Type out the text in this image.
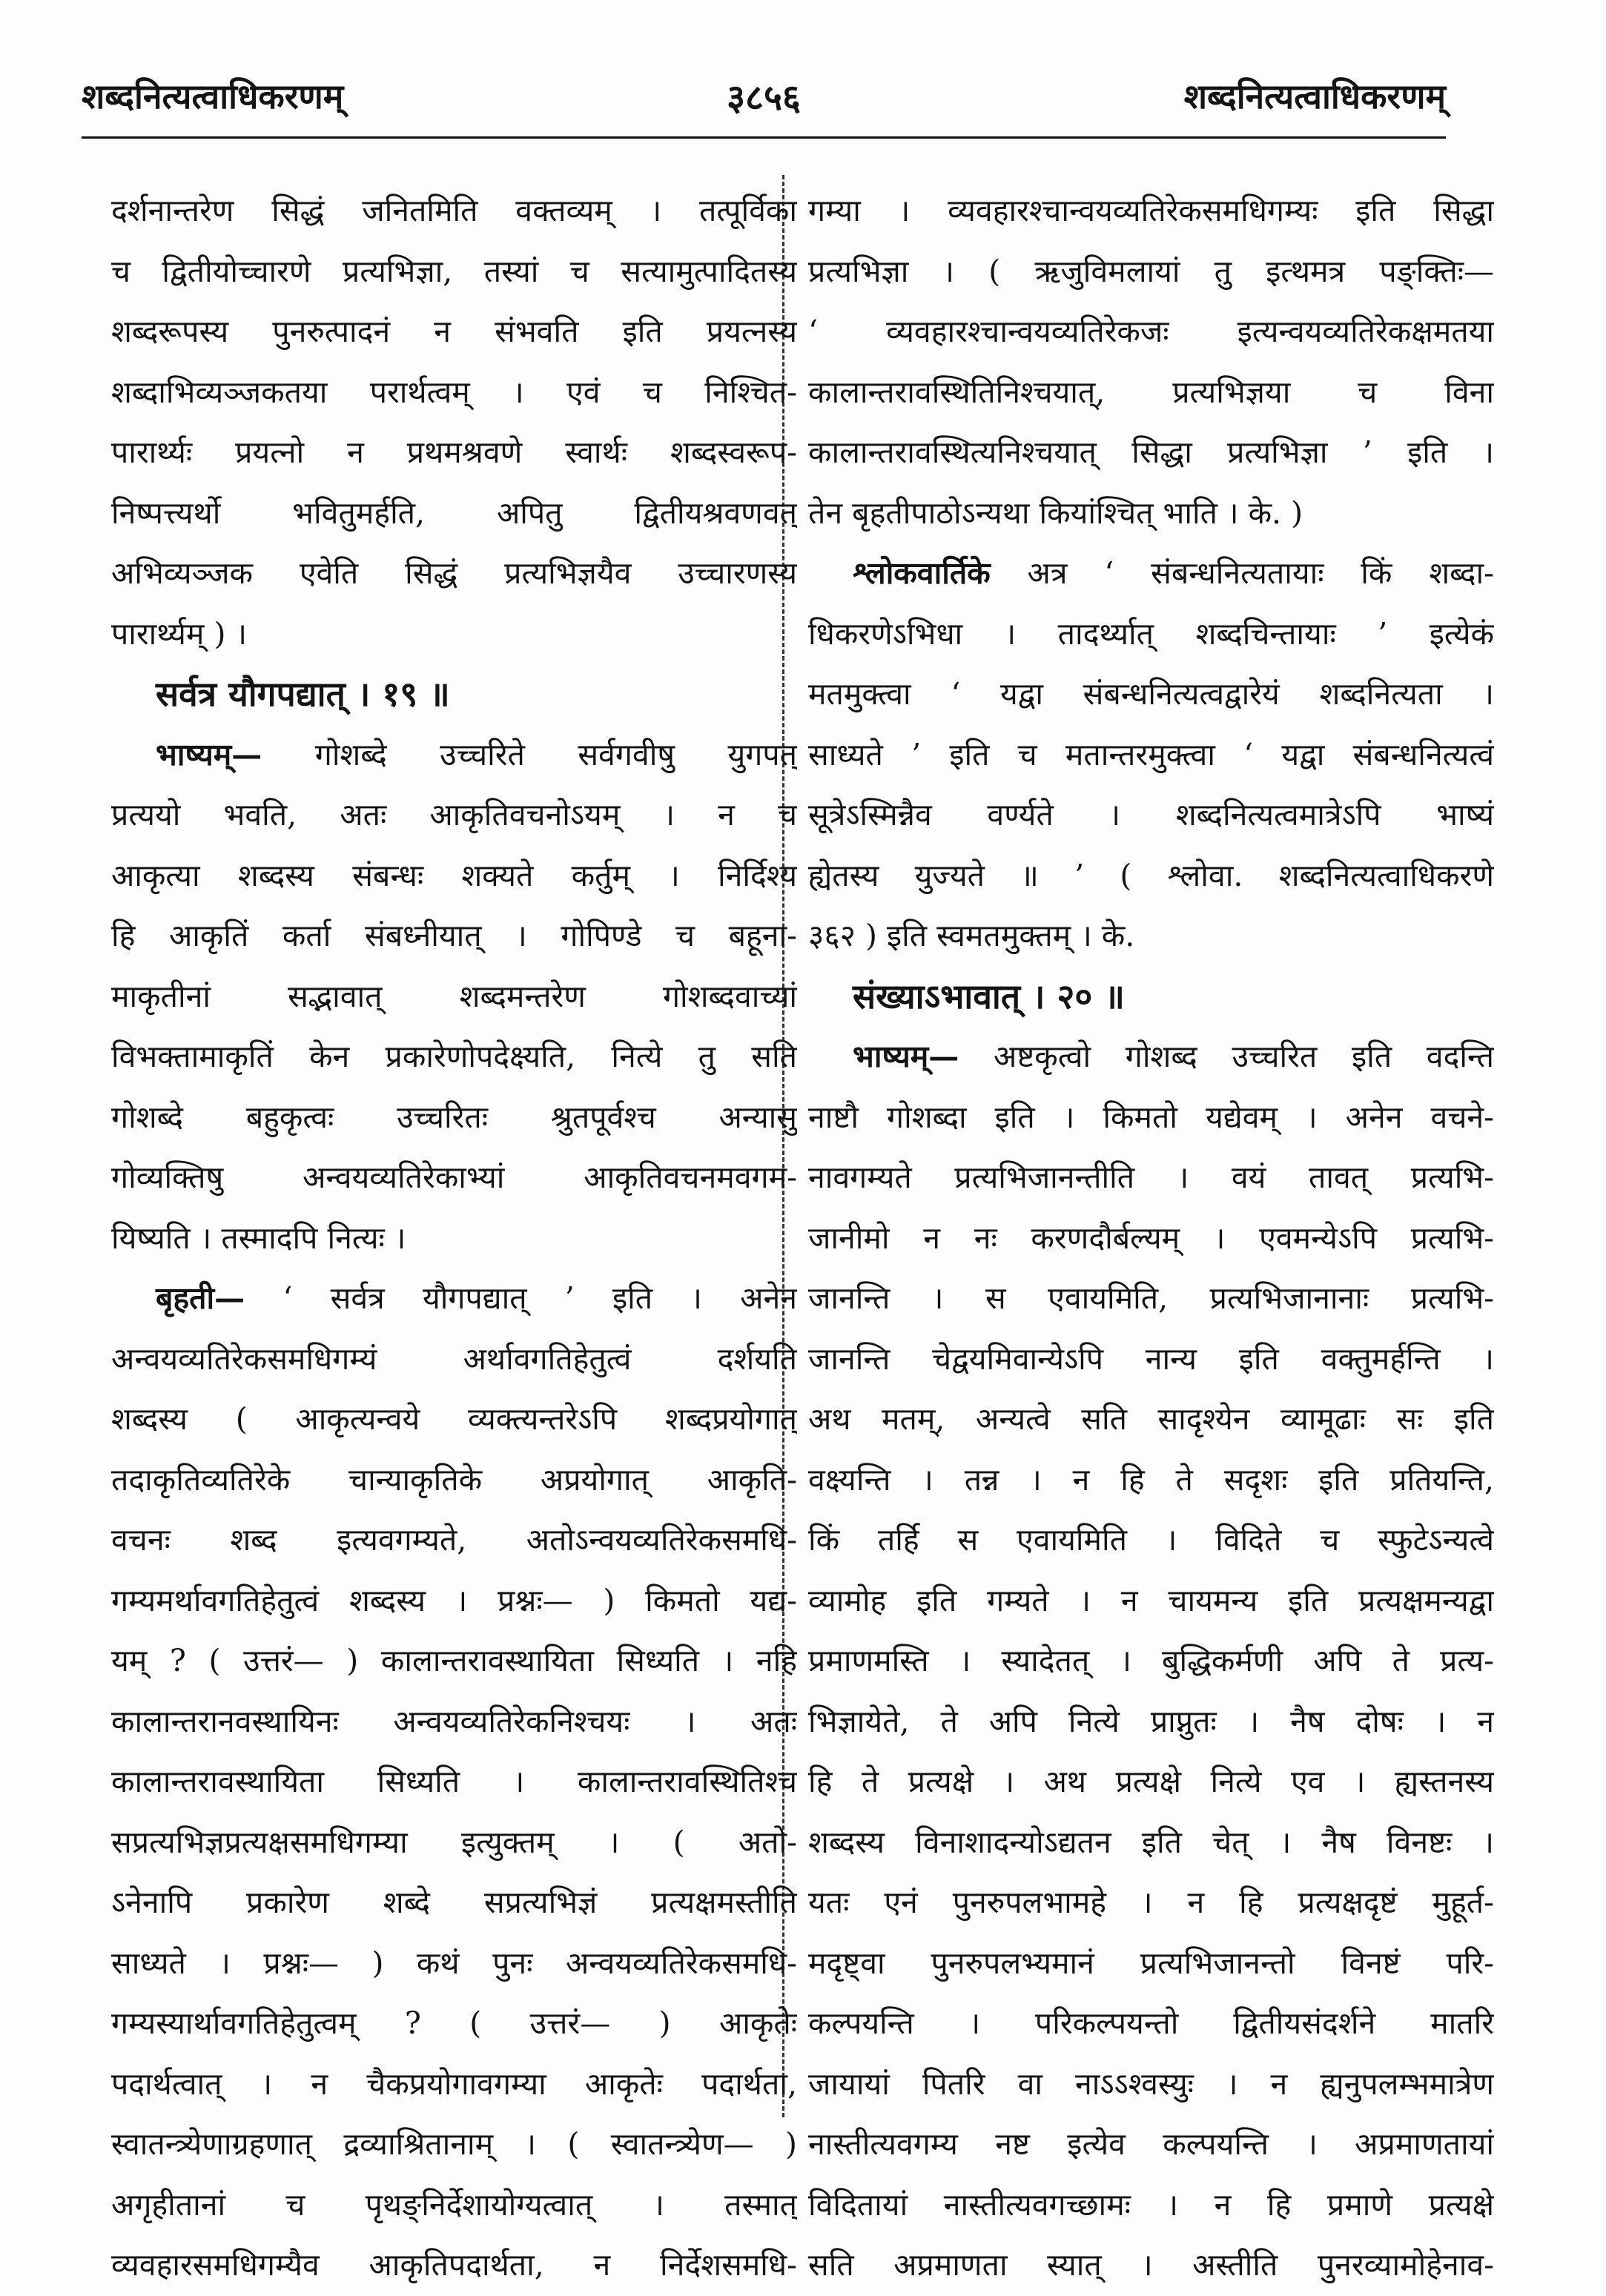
शब्दनित्यत्वाधिकरणम्	३८५६	शब्दनित्यत्वाधिकरणम्
दर्शनान्तरेण सिद्धं जनितमिति वक्तव्यम् । तत्पूर्विका
च द्वितीयोच्चारणे प्रत्यभिज्ञा, तस्यां च सत्यामुत्पादितस्य
शब्दरूपस्य पुनरुत्पादनं न संभवति इति प्रयत्नस्य
शब्दाभिव्यञ्जकतया परार्थत्वम् । एवं च निश्चित-
पारार्थ्यः प्रयत्नो न प्रथमश्रवणे स्वार्थः शब्दस्वरूप-
निष्पत्त्यर्थो भवितुमर्हति, अपितु द्वितीयश्रवणवत्
अभिव्यञ्जक एवेति सिद्धं प्रत्यभिज्ञयैव उच्चारणस्य
पारार्थ्यम् ) ।
सर्वत्र यौगपद्यात् । १९ ॥
भाष्यम्— गोशब्दे उच्चरिते सर्वगवीषु युगपत्
प्रत्ययो भवति, अतः आकृतिवचनोऽयम् । न च
आकृत्या शब्दस्य संबन्धः शक्यते कर्तुम् । निर्दिश्य
हि आकृतिं कर्ता संबध्नीयात् । गोपिण्डे च बहूना-
माकृतीनां सद्भावात् शब्दमन्तरेण गोशब्दवाच्यां
विभक्तामाकृतिं केन प्रकारेणोपदेक्ष्यति, नित्ये तु सति
गोशब्दे बहुकृत्वः उच्चरितः श्रुतपूर्वश्च अन्यासु
गोव्यक्तिषु अन्वयव्यतिरेकाभ्यां आकृतिवचनमवगम-
यिष्यति । तस्मादपि नित्यः ।
बृहती— ‘ सर्वत्र यौगपद्यात् ’ इति । अनेन
अन्वयव्यतिरेकसमधिगम्यं अर्थावगतिहेतुत्वं दर्शयति
शब्दस्य ( आकृत्यन्वये व्यक्त्यन्तरेऽपि शब्दप्रयोगात्
तदाकृतिव्यतिरेके चान्याकृतिके अप्रयोगात् आकृति-
वचनः शब्द इत्यवगम्यते, अतोऽन्वयव्यतिरेकसमधि-
गम्यमर्थावगतिहेतुत्वं शब्दस्य । प्रश्नः— ) किमतो यद्य-
यम् ? ( उत्तरं— ) कालान्तरावस्थायिता सिध्यति । नहि
कालान्तरानवस्थायिनः अन्वयव्यतिरेकनिश्चयः । अतः
कालान्तरावस्थायिता सिध्यति । कालान्तरावस्थितिश्च
सप्रत्यभिज्ञप्रत्यक्षसमधिगम्या इत्युक्तम् । ( अतो-
ऽनेनापि प्रकारेण शब्दे सप्रत्यभिज्ञं प्रत्यक्षमस्तीति
साध्यते । प्रश्नः— ) कथं पुनः अन्वयव्यतिरेकसमधि-
गम्यस्यार्थावगतिहेतुत्वम् ? ( उत्तरं— ) आकृतेः
पदार्थत्वात् । न चैकप्रयोगावगम्या आकृतेः पदार्थता,
स्वातन्त्र्येणाग्रहणात् द्रव्याश्रितानाम् । ( स्वातन्त्र्येण— )
अगृहीतानां च पृथङ्निर्देशायोग्यत्वात् । तस्मात्
व्यवहारसमधिगम्यैव आकृतिपदार्थता, न निर्देशसमधि-
गम्या । व्यवहारश्चान्वयव्यतिरेकसमधिगम्यः इति सिद्धा
प्रत्यभिज्ञा । ( ऋजुविमलायां तु इत्थमत्र पङ्क्तिः—
‘ व्यवहारश्चान्वयव्यतिरेकजः इत्यन्वयव्यतिरेकक्षमतया
कालान्तरावस्थितिनिश्चयात्, प्रत्यभिज्ञया च विना
कालान्तरावस्थित्यनिश्चयात् सिद्धा प्रत्यभिज्ञा ’ इति ।
तेन बृहतीपाठोऽन्यथा कियांश्चित् भाति । के. )
श्लोकवार्तिके अत्र ‘ संबन्धनित्यतायाः किं शब्दा-
धिकरणेऽभिधा । तादर्थ्यात् शब्दचिन्तायाः ’ इत्येकं
मतमुक्त्वा ‘ यद्वा संबन्धनित्यत्वद्वारेयं शब्दनित्यता ।
साध्यते ’ इति च मतान्तरमुक्त्वा ‘ यद्वा संबन्धनित्यत्वं
सूत्रेऽस्मिन्नैव वर्ण्यते । शब्दनित्यत्वमात्रेऽपि भाष्यं
ह्येतस्य युज्यते ॥ ’ ( श्लोवा. शब्दनित्यत्वाधिकरणे
३६२ ) इति स्वमतमुक्तम् । के.
संख्याऽभावात् । २० ॥
भाष्यम्— अष्टकृत्वो गोशब्द उच्चरित इति वदन्ति
नाष्टौ गोशब्दा इति । किमतो यद्येवम् । अनेन वचने-
नावगम्यते प्रत्यभिजानन्तीति । वयं तावत् प्रत्यभि-
जानीमो न नः करणदौर्बल्यम् । एवमन्येऽपि प्रत्यभि-
जानन्ति । स एवायमिति, प्रत्यभिजानानाः प्रत्यभि-
जानन्ति चेद्वयमिवान्येऽपि नान्य इति वक्तुमर्हन्ति ।
अथ मतम्, अन्यत्वे सति सादृश्येन व्यामूढाः सः इति
वक्ष्यन्ति । तन्न । न हि ते सदृशः इति प्रतियन्ति,
किं तर्हि स एवायमिति । विदिते च स्फुटेऽन्यत्वे
व्यामोह इति गम्यते । न चायमन्य इति प्रत्यक्षमन्यद्वा
प्रमाणमस्ति । स्यादेतत् । बुद्धिकर्मणी अपि ते प्रत्य-
भिज्ञायेते, ते अपि नित्ये प्राप्नुतः । नैष दोषः । न
हि ते प्रत्यक्षे । अथ प्रत्यक्षे नित्ये एव । ह्यस्तनस्य
शब्दस्य विनाशादन्योऽद्यतन इति चेत् । नैष विनष्टः ।
यतः एनं पुनरुपलभामहे । न हि प्रत्यक्षदृष्टं मुहूर्त-
मदृष्ट्वा पुनरुपलभ्यमानं प्रत्यभिजानन्तो विनष्टं परि-
कल्पयन्ति । परिकल्पयन्तो द्वितीयसंदर्शने मातरि
जायायां पितरि वा नाऽऽश्वस्युः । न ह्यनुपलम्भमात्रेण
नास्तीत्यवगम्य नष्ट इत्येव कल्पयन्ति । अप्रमाणतायां
विदितायां नास्तीत्यवगच्छामः । न हि प्रमाणे प्रत्यक्षे
सति अप्रमाणता स्यात् । अस्तीति पुनरव्यामोहेनाव-
